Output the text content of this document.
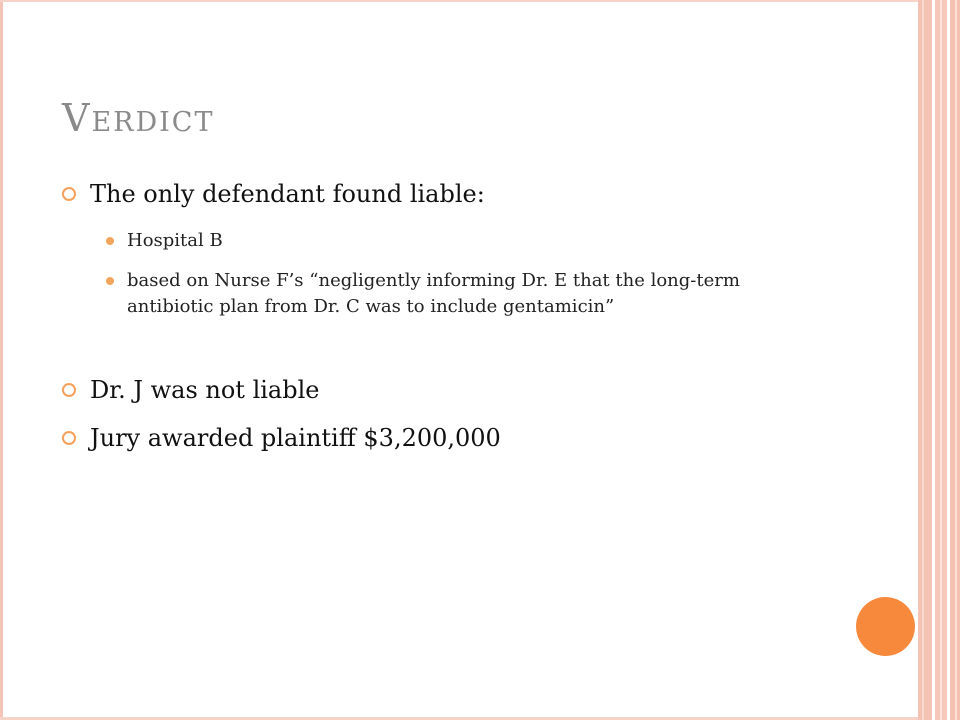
Verdict
The only defendant found liable:
Hospital B
based on Nurse F’s “negligently informing Dr. E that the long-term antibiotic plan from Dr. C was to include gentamicin”
Dr. J was not liable
Jury awarded plaintiff $3,200,000
